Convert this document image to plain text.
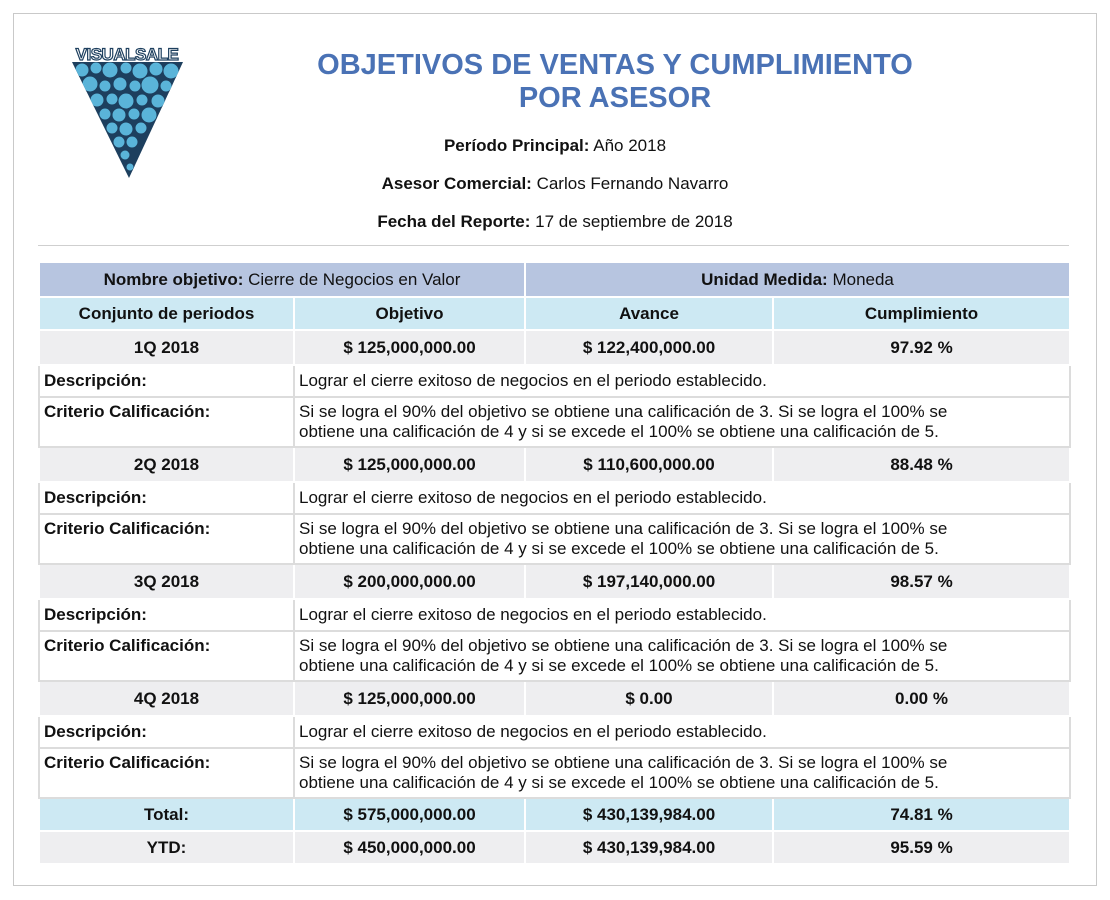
VISUALSALE	OBJETIVOS DE VENTAS Y CUMPLIMIENTO
POR ASESOR
Período Principal: Año 2018
Asesor Comercial: Carlos Fernando Navarro
Fecha del Reporte: 17 de septiembre de 2018
Nombre objetivo: Cierre de Negocios en Valor		Unidad Medida: Moneda	
Conjunto de periodos	Objetivo	Avance	Cumplimiento
1Q 2018	$ 125,000,000.00	$ 122,400,000.00	97.92 %
Descripción:	Lograr el cierre exitoso de negocios en el periodo establecido.		
Criterio Calificación:	Si se logra el 90% del objetivo se obtiene una calificación de 3. Si se logra el 100% se
obtiene una calificación de 4 y si se excede el 100% se obtiene una calificación de 5.		

2Q 2018	$ 125,000,000.00	$ 110,600,000.00	88.48 %
Descripción:	Lograr el cierre exitoso de negocios en el periodo establecido.		
Criterio Calificación:	Si se logra el 90% del objetivo se obtiene una calificación de 3. Si se logra el 100% se
obtiene una calificación de 4 y si se excede el 100% se obtiene una calificación de 5.		

3Q 2018	$ 200,000,000.00	$ 197,140,000.00	98.57 %
Descripción:	Lograr el cierre exitoso de negocios en el periodo establecido.		
Criterio Calificación:	Si se logra el 90% del objetivo se obtiene una calificación de 3. Si se logra el 100% se
obtiene una calificación de 4 y si se excede el 100% se obtiene una calificación de 5.		

4Q 2018	$ 125,000,000.00	$ 0.00	0.00 %
Descripción:	Lograr el cierre exitoso de negocios en el periodo establecido.		
Criterio Calificación:	Si se logra el 90% del objetivo se obtiene una calificación de 3. Si se logra el 100% se
obtiene una calificación de 4 y si se excede el 100% se obtiene una calificación de 5.		

Total:	$ 575,000,000.00	$ 430,139,984.00	74.81 %
YTD:	$ 450,000,000.00	$ 430,139,984.00	95.59 %
